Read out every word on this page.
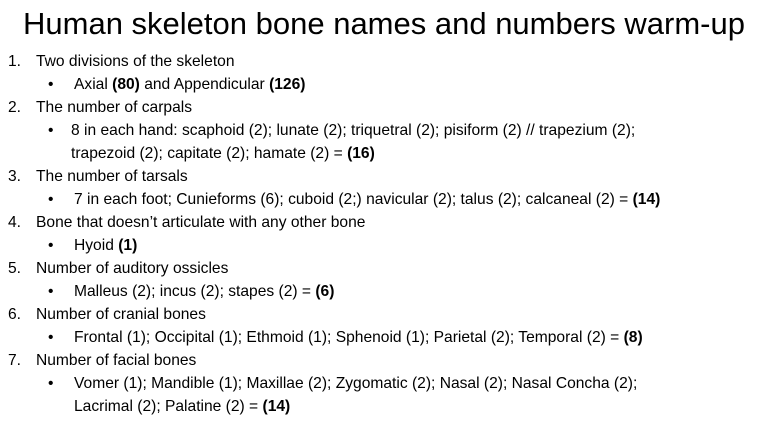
Human skeleton bone names and numbers warm-up
1. Two divisions of the skeleton
• Axial (80) and Appendicular (126)
2. The number of carpals
• 8 in each hand: scaphoid (2); lunate (2); triquetral (2); pisiform (2) // trapezium (2);
trapezoid (2); capitate (2); hamate (2) = (16)
3. The number of tarsals
• 7 in each foot; Cunieforms (6); cuboid (2;) navicular (2); talus (2); calcaneal (2) = (14)
4. Bone that doesn’t articulate with any other bone
• Hyoid (1)
5. Number of auditory ossicles
• Malleus (2); incus (2); stapes (2) = (6)
6. Number of cranial bones
• Frontal (1); Occipital (1); Ethmoid (1); Sphenoid (1); Parietal (2); Temporal (2) = (8)
7. Number of facial bones
• Vomer (1); Mandible (1); Maxillae (2); Zygomatic (2); Nasal (2); Nasal Concha (2);
Lacrimal (2); Palatine (2) = (14)
